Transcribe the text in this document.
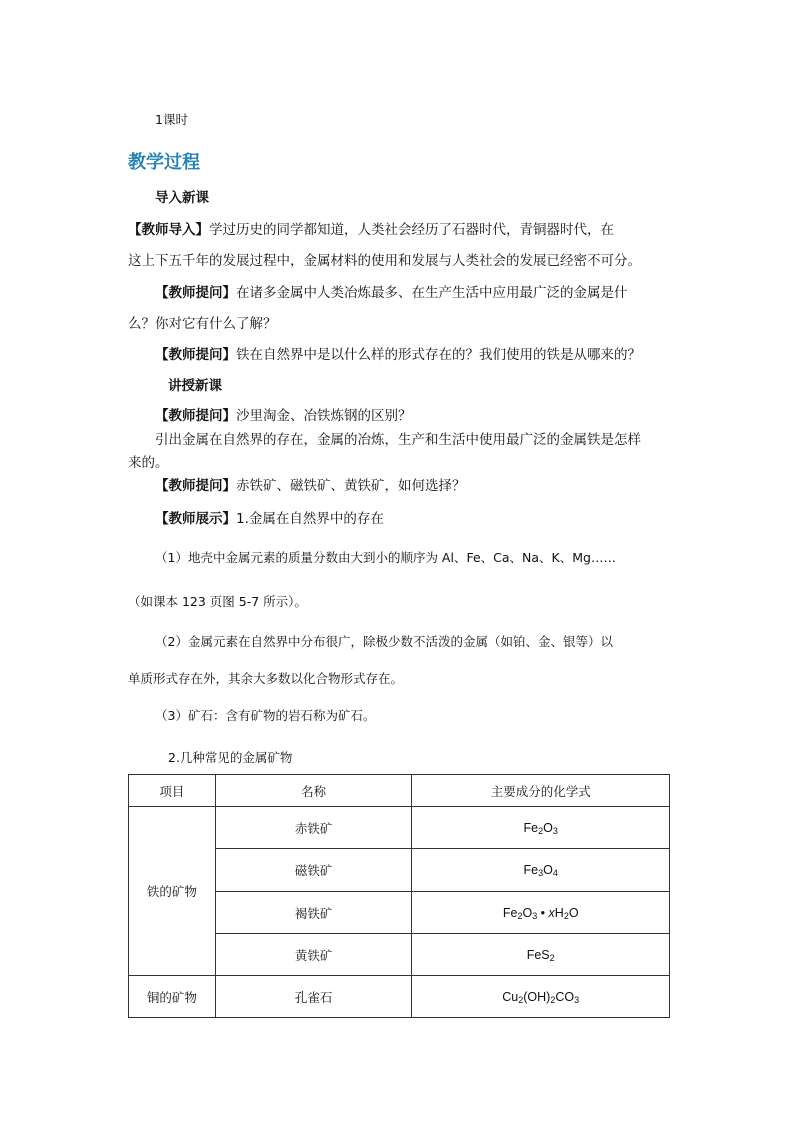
1课时
教学过程
导入新课
【教师导入】学过历史的同学都知道，人类社会经历了石器时代，青铜器时代，在
这上下五千年的发展过程中，金属材料的使用和发展与人类社会的发展已经密不可分。
【教师提问】在诸多金属中人类冶炼最多、在生产生活中应用最广泛的金属是什
么？你对它有什么了解？
【教师提问】铁在自然界中是以什么样的形式存在的？我们使用的铁是从哪来的？
讲授新课
【教师提问】沙里淘金、冶铁炼钢的区别？
引出金属在自然界的存在，金属的冶炼，生产和生活中使用最广泛的金属铁是怎样
来的。
【教师提问】赤铁矿、磁铁矿、黄铁矿，如何选择？
【教师展示】1.金属在自然界中的存在
（1）地壳中金属元素的质量分数由大到小的顺序为 Al、Fe、Ca、Na、K、Mg……
（如课本 123 页图 5-7 所示）。
（2）金属元素在自然界中分布很广，除极少数不活泼的金属（如铂、金、银等）以
单质形式存在外，其余大多数以化合物形式存在。
（3）矿石：含有矿物的岩石称为矿石。
2.几种常见的金属矿物
项目	名称	主要成分的化学式
铁的矿物	赤铁矿	$Fe_2O_3$
	磁铁矿	$Fe_3O_4$
	褐铁矿	$Fe_2O_3$ • $xH_2O$
	黄铁矿	FeS$_2$
铜的矿物	孔雀石	$Cu_2(OH)_2CO_3$
